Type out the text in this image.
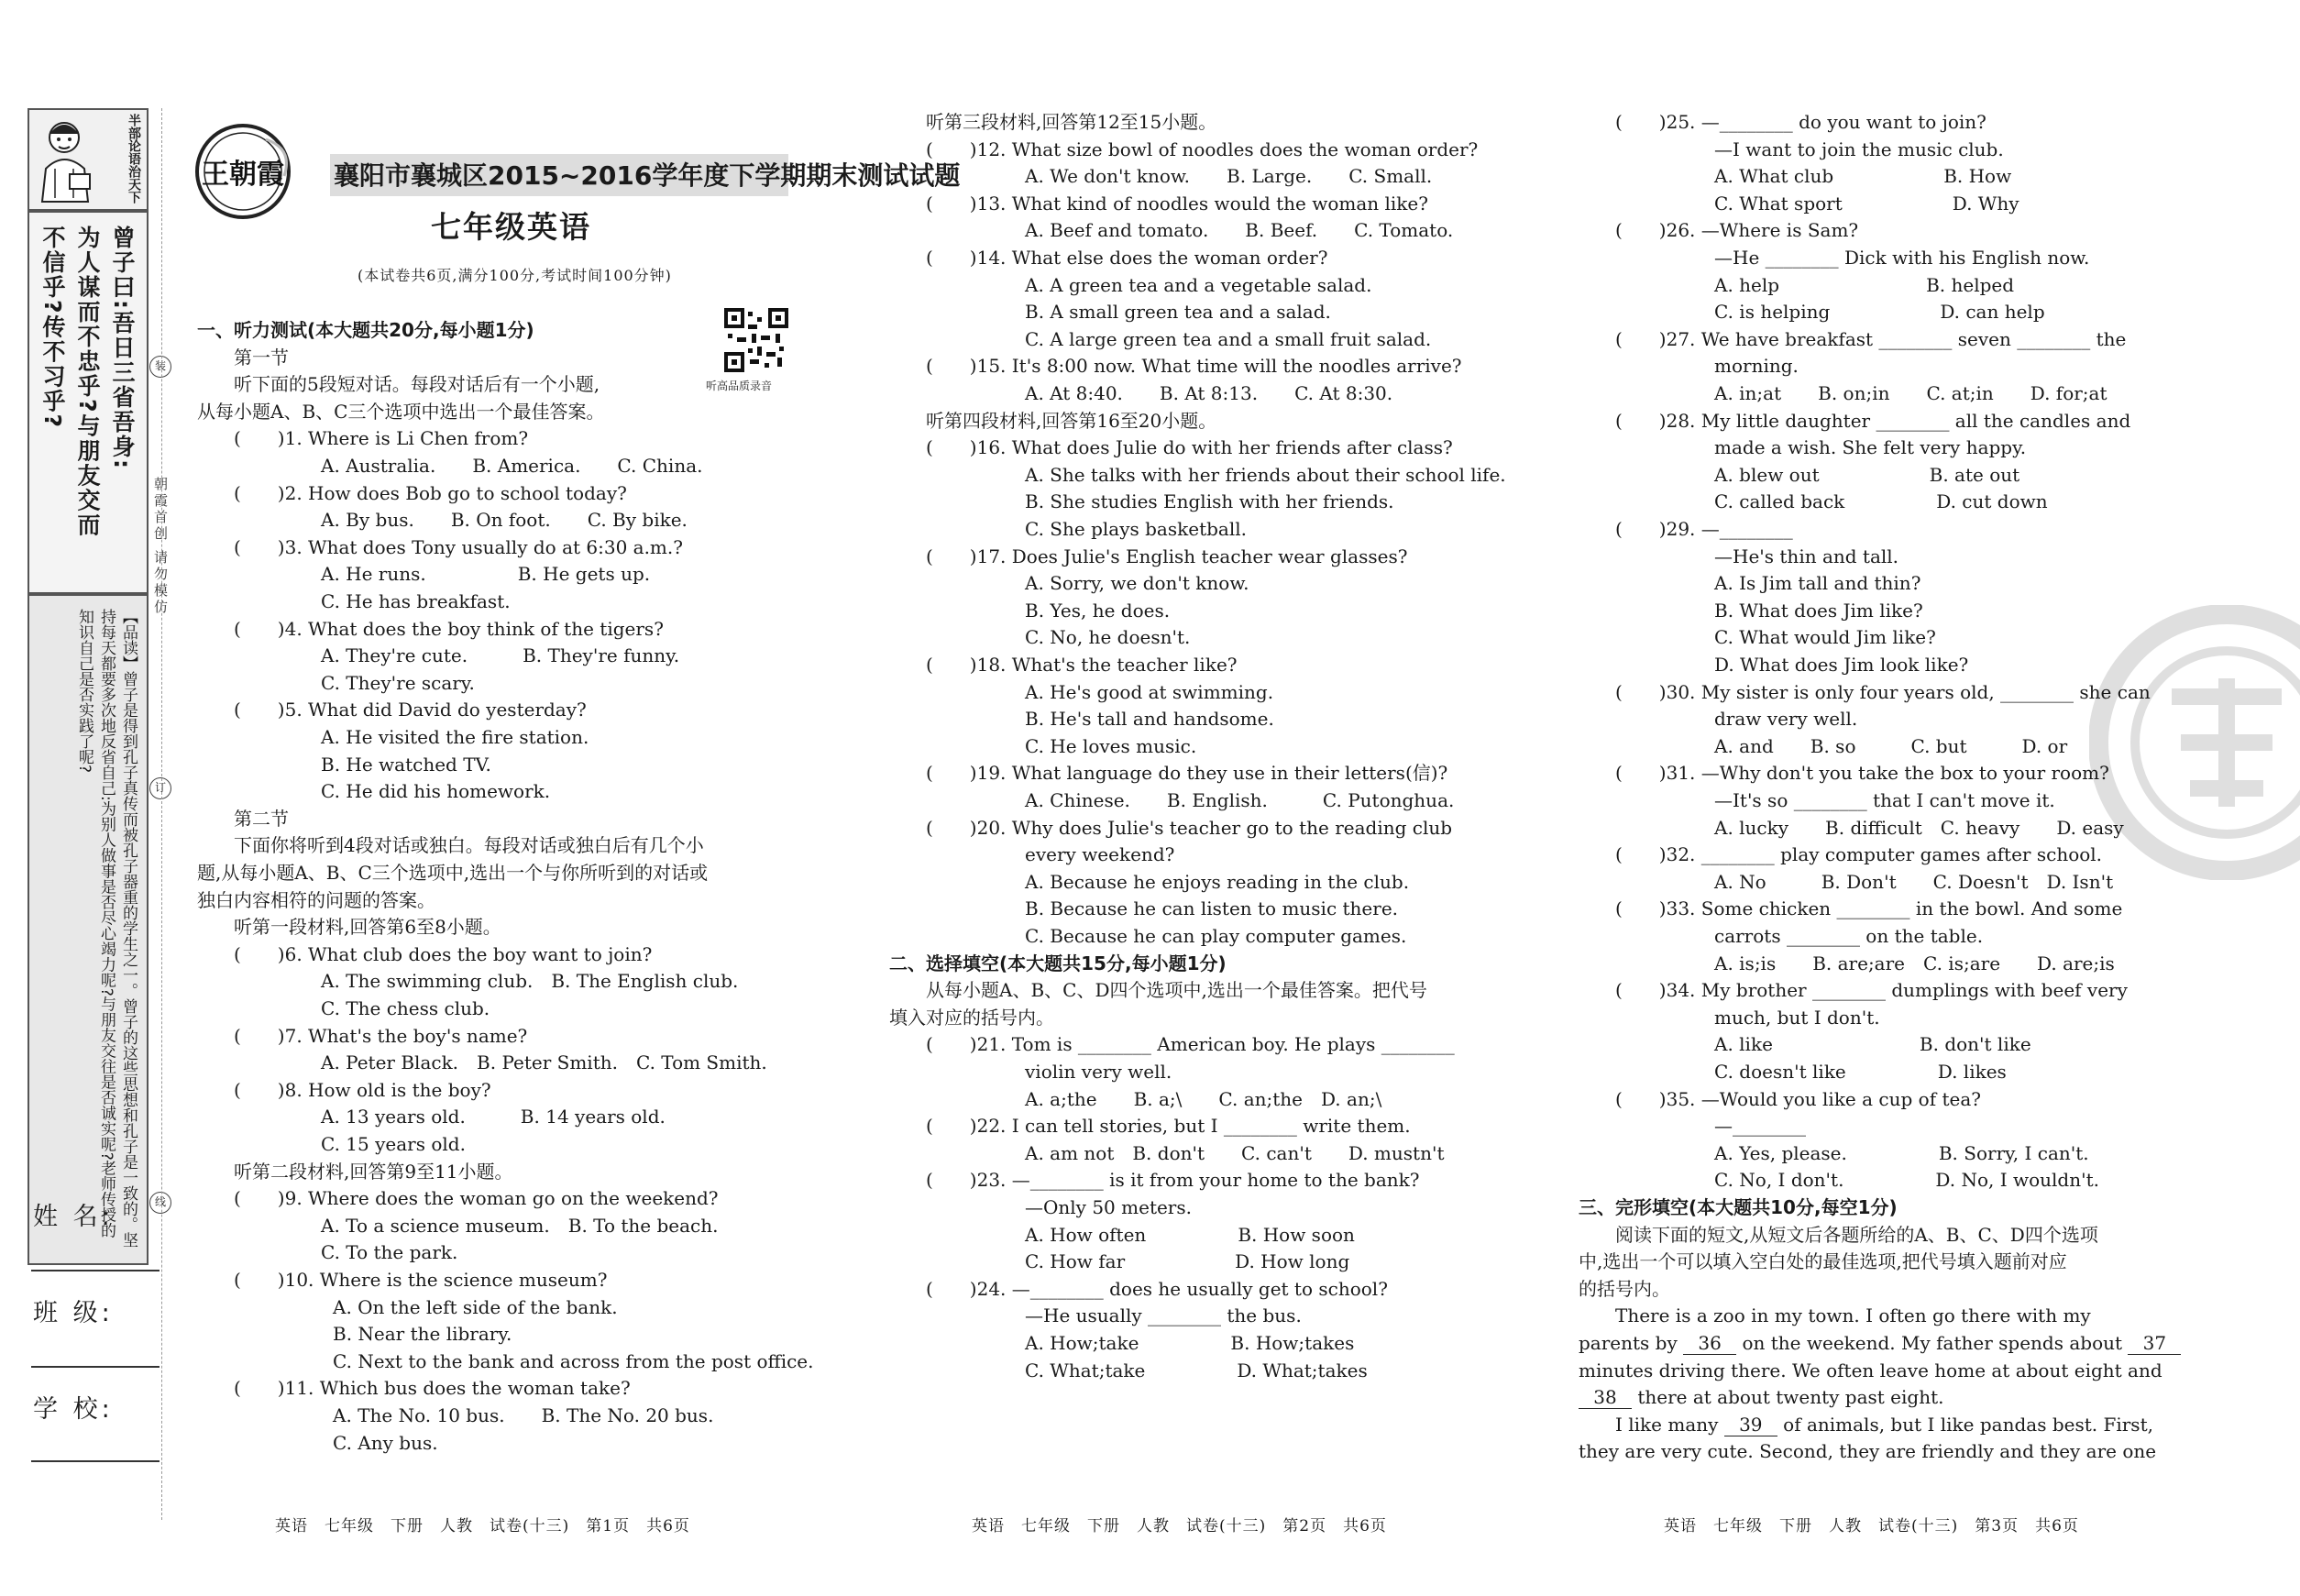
半部论语治天下
曾子曰:吾日三省吾身:
为人谋而不忠乎?与朋友交而
不信乎?传不习乎?
【品读】曾子是得到孔子真传而被孔子器重的学生之一。曾子的这些思想和孔子是一致的。坚持每天都要多次地反省自己:为别人做事是否尽心竭力呢?与朋友交往是否诚实呢?老师传授的知识自己是否实践了呢?
装
订
线
朝霞首创 请勿模仿
姓 名:
班 级:
学 校:
王朝霞 襄阳市襄城区2015~2016学年度下学期期末测试试题
七年级英语
(本试卷共6页,满分100分,考试时间100分钟)
听高品质录音
一、听力测试(本大题共20分,每小题1分)
第一节
听下面的5段短对话。每段对话后有一个小题,
从每小题A、B、C三个选项中选出一个最佳答案。
(　　)1. Where is Li Chen from?
A. Australia.　　B. America.　　C. China.
(　　)2. How does Bob go to school today?
A. By bus.　　B. On foot.　　C. By bike.
(　　)3. What does Tony usually do at 6:30 a.m.?
A. He runs.　　　　　B. He gets up.
C. He has breakfast.
(　　)4. What does the boy think of the tigers?
A. They're cute.　　　B. They're funny.
C. They're scary.
(　　)5. What did David do yesterday?
A. He visited the fire station.
B. He watched TV.
C. He did his homework.
第二节
下面你将听到4段对话或独白。每段对话或独白后有几个小
题,从每小题A、B、C三个选项中,选出一个与你所听到的对话或
独白内容相符的问题的答案。
听第一段材料,回答第6至8小题。
(　　)6. What club does the boy want to join?
A. The swimming club.　B. The English club.
C. The chess club.
(　　)7. What's the boy's name?
A. Peter Black.　B. Peter Smith.　C. Tom Smith.
(　　)8. How old is the boy?
A. 13 years old.　　　B. 14 years old.
C. 15 years old.
听第二段材料,回答第9至11小题。
(　　)9. Where does the woman go on the weekend?
A. To a science museum.　B. To the beach.
C. To the park.
(　　)10. Where is the science museum?
A. On the left side of the bank.
B. Near the library.
C. Next to the bank and across from the post office.
(　　)11. Which bus does the woman take?
A. The No. 10 bus.　　B. The No. 20 bus.
C. Any bus.
听第三段材料,回答第12至15小题。
(　　)12. What size bowl of noodles does the woman order?
A. We don't know.　　B. Large.　　C. Small.
(　　)13. What kind of noodles would the woman like?
A. Beef and tomato.　　B. Beef.　　C. Tomato.
(　　)14. What else does the woman order?
A. A green tea and a vegetable salad.
B. A small green tea and a salad.
C. A large green tea and a small fruit salad.
(　　)15. It's 8:00 now. What time will the noodles arrive?
A. At 8:40.　　B. At 8:13.　　C. At 8:30.
听第四段材料,回答第16至20小题。
(　　)16. What does Julie do with her friends after class?
A. She talks with her friends about their school life.
B. She studies English with her friends.
C. She plays basketball.
(　　)17. Does Julie's English teacher wear glasses?
A. Sorry, we don't know.
B. Yes, he does.
C. No, he doesn't.
(　　)18. What's the teacher like?
A. He's good at swimming.
B. He's tall and handsome.
C. He loves music.
(　　)19. What language do they use in their letters(信)?
A. Chinese.　　B. English.　　　C. Putonghua.
(　　)20. Why does Julie's teacher go to the reading club
every weekend?
A. Because he enjoys reading in the club.
B. Because he can listen to music there.
C. Because he can play computer games.
二、选择填空(本大题共15分,每小题1分)
从每小题A、B、C、D四个选项中,选出一个最佳答案。把代号
填入对应的括号内。
(　　)21. Tom is ________ American boy. He plays ________
violin very well.
A. a;the　　B. a;\　　C. an;the　D. an;\
(　　)22. I can tell stories, but I ________ write them.
A. am not　B. don't　　C. can't　　D. mustn't
(　　)23. —________ is it from your home to the bank?
—Only 50 meters.
A. How often　　　　　B. How soon
C. How far　　　　　　D. How long
(　　)24. —________ does he usually get to school?
—He usually ________ the bus.
A. How;take　　　　　B. How;takes
C. What;take　　　　　D. What;takes
(　　)25. —________ do you want to join?
—I want to join the music club.
A. What club　　　　　　B. How
C. What sport　　　　　　D. Why
(　　)26. —Where is Sam?
—He ________ Dick with his English now.
A. help　　　　　　　　B. helped
C. is helping　　　　　　D. can help
(　　)27. We have breakfast ________ seven ________ the
morning.
A. in;at　　B. on;in　　C. at;in　　D. for;at
(　　)28. My little daughter ________ all the candles and
made a wish. She felt very happy.
A. blew out　　　　　　B. ate out
C. called back　　　　　D. cut down
(　　)29. —________
—He's thin and tall.
A. Is Jim tall and thin?
B. What does Jim like?
C. What would Jim like?
D. What does Jim look like?
(　　)30. My sister is only four years old, ________ she can
draw very well.
A. and　　B. so　　　C. but　　　D. or
(　　)31. —Why don't you take the box to your room?
—It's so ________ that I can't move it.
A. lucky　　B. difficult　C. heavy　　D. easy
(　　)32. ________ play computer games after school.
A. No　　　B. Don't　　C. Doesn't　D. Isn't
(　　)33. Some chicken ________ in the bowl. And some
carrots ________ on the table.
A. is;is　　B. are;are　C. is;are　　D. are;is
(　　)34. My brother ________ dumplings with beef very
much, but I don't.
A. like　　　　　　　　B. don't like
C. doesn't like　　　　　D. likes
(　　)35. —Would you like a cup of tea?
—________
A. Yes, please.　　　　　B. Sorry, I can't.
C. No, I don't.　　　　　D. No, I wouldn't.
三、完形填空(本大题共10分,每空1分)
阅读下面的短文,从短文后各题所给的A、B、C、D四个选项
中,选出一个可以填入空白处的最佳选项,把代号填入题前对应
的括号内。
There is a zoo in my town. I often go there with my
parents by 36 on the weekend. My father spends about 37
minutes driving there. We often leave home at about eight and
38 there at about twenty past eight.
I like many 39 of animals, but I like pandas best. First,
they are very cute. Second, they are friendly and they are one
英语　七年级　下册　人教　试卷(十三)　第1页　共6页	英语　七年级　下册　人教　试卷(十三)　第2页　共6页	英语　七年级　下册　人教　试卷(十三)　第3页　共6页
